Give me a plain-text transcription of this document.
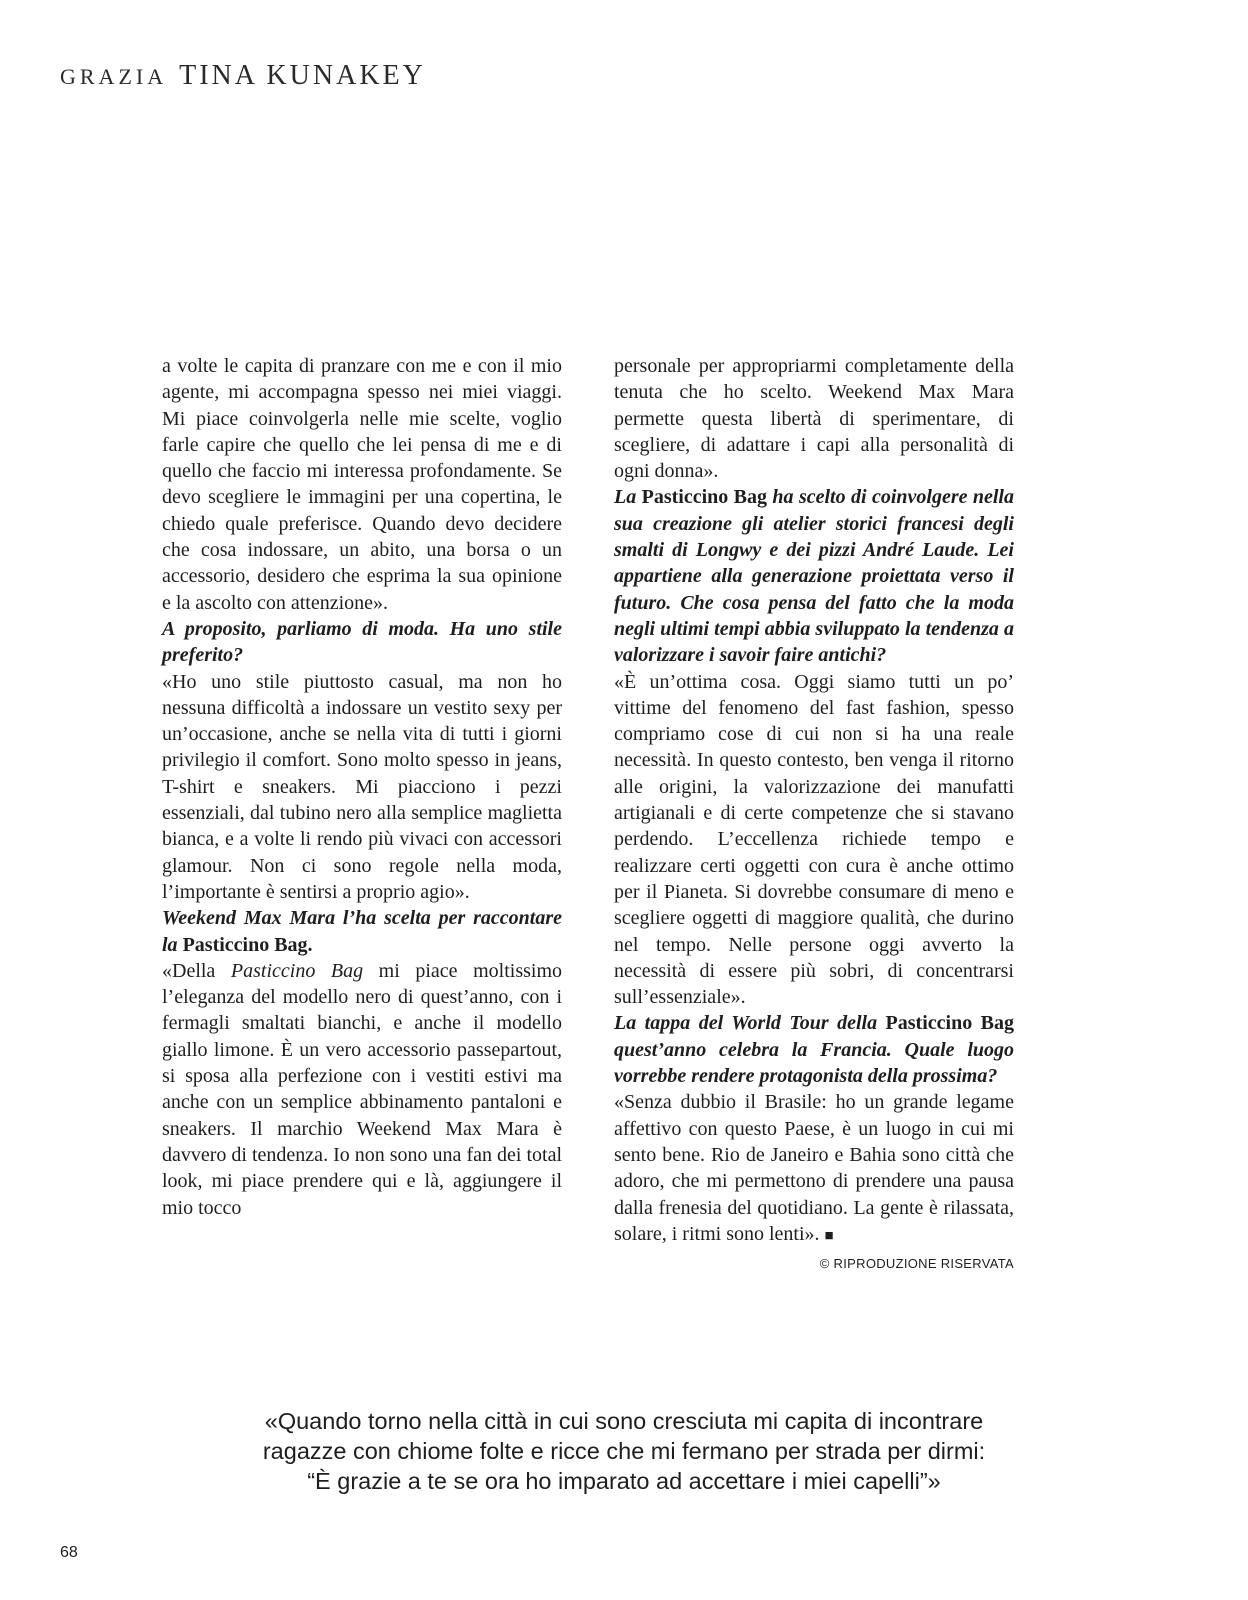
GRAZIA TINA KUNAKEY

a volte le capita di pranzare con me e con il mio agente, mi accompagna spesso nei miei viaggi. Mi piace coinvolgerla nelle mie scelte, voglio farle capire che quello che lei pensa di me e di quello che faccio mi interessa profondamente. Se devo scegliere le immagini per una copertina, le chiedo quale preferisce. Quando devo decidere che cosa indossare, un abito, una borsa o un accessorio, desidero che esprima la sua opinione e la ascolto con attenzione».

A proposito, parliamo di moda. Ha uno stile preferito?

«Ho uno stile piuttosto casual, ma non ho nessuna difficoltà a indossare un vestito sexy per un’occasione, anche se nella vita di tutti i giorni privilegio il comfort. Sono molto spesso in jeans, T-shirt e sneakers. Mi piacciono i pezzi essenziali, dal tubino nero alla semplice maglietta bianca, e a volte li rendo più vivaci con accessori glamour. Non ci sono regole nella moda, l’importante è sentirsi a proprio agio».

Weekend Max Mara l’ha scelta per raccontare la Pasticcino Bag.

«Della Pasticcino Bag mi piace moltissimo l’eleganza del modello nero di quest’anno, con i fermagli smaltati bianchi, e anche il modello giallo limone. È un vero accessorio passepartout, si sposa alla perfezione con i vestiti estivi ma anche con un semplice abbinamento pantaloni e sneakers. Il marchio Weekend Max Mara è davvero di tendenza. Io non sono una fan dei total look, mi piace prendere qui e là, aggiungere il mio tocco

personale per appropriarmi completamente della tenuta che ho scelto. Weekend Max Mara permette questa libertà di sperimentare, di scegliere, di adattare i capi alla personalità di ogni donna».

La Pasticcino Bag ha scelto di coinvolgere nella sua creazione gli atelier storici francesi degli smalti di Longwy e dei pizzi André Laude. Lei appartiene alla generazione proiettata verso il futuro. Che cosa pensa del fatto che la moda negli ultimi tempi abbia sviluppato la tendenza a valorizzare i savoir faire antichi?

«È un’ottima cosa. Oggi siamo tutti un po’ vittime del fenomeno del fast fashion, spesso compriamo cose di cui non si ha una reale necessità. In questo contesto, ben venga il ritorno alle origini, la valorizzazione dei manufatti artigianali e di certe competenze che si stavano perdendo. L’eccellenza richiede tempo e realizzare certi oggetti con cura è anche ottimo per il Pianeta. Si dovrebbe consumare di meno e scegliere oggetti di maggiore qualità, che durino nel tempo. Nelle persone oggi avverto la necessità di essere più sobri, di concentrarsi sull’essenziale».

La tappa del World Tour della Pasticcino Bag quest’anno celebra la Francia. Quale luogo vorrebbe rendere protagonista della prossima?

«Senza dubbio il Brasile: ho un grande legame affettivo con questo Paese, è un luogo in cui mi sento bene. Rio de Janeiro e Bahia sono città che adoro, che mi permettono di prendere una pausa dalla frenesia del quotidiano. La gente è rilassata, solare, i ritmi sono lenti». ■

© RIPRODUZIONE RISERVATA
«Quando torno nella città in cui sono cresciuta mi capita di incontrare
ragazze con chiome folte e ricce che mi fermano per strada per dirmi:
“È grazie a te se ora ho imparato ad accettare i miei capelli”»
68
